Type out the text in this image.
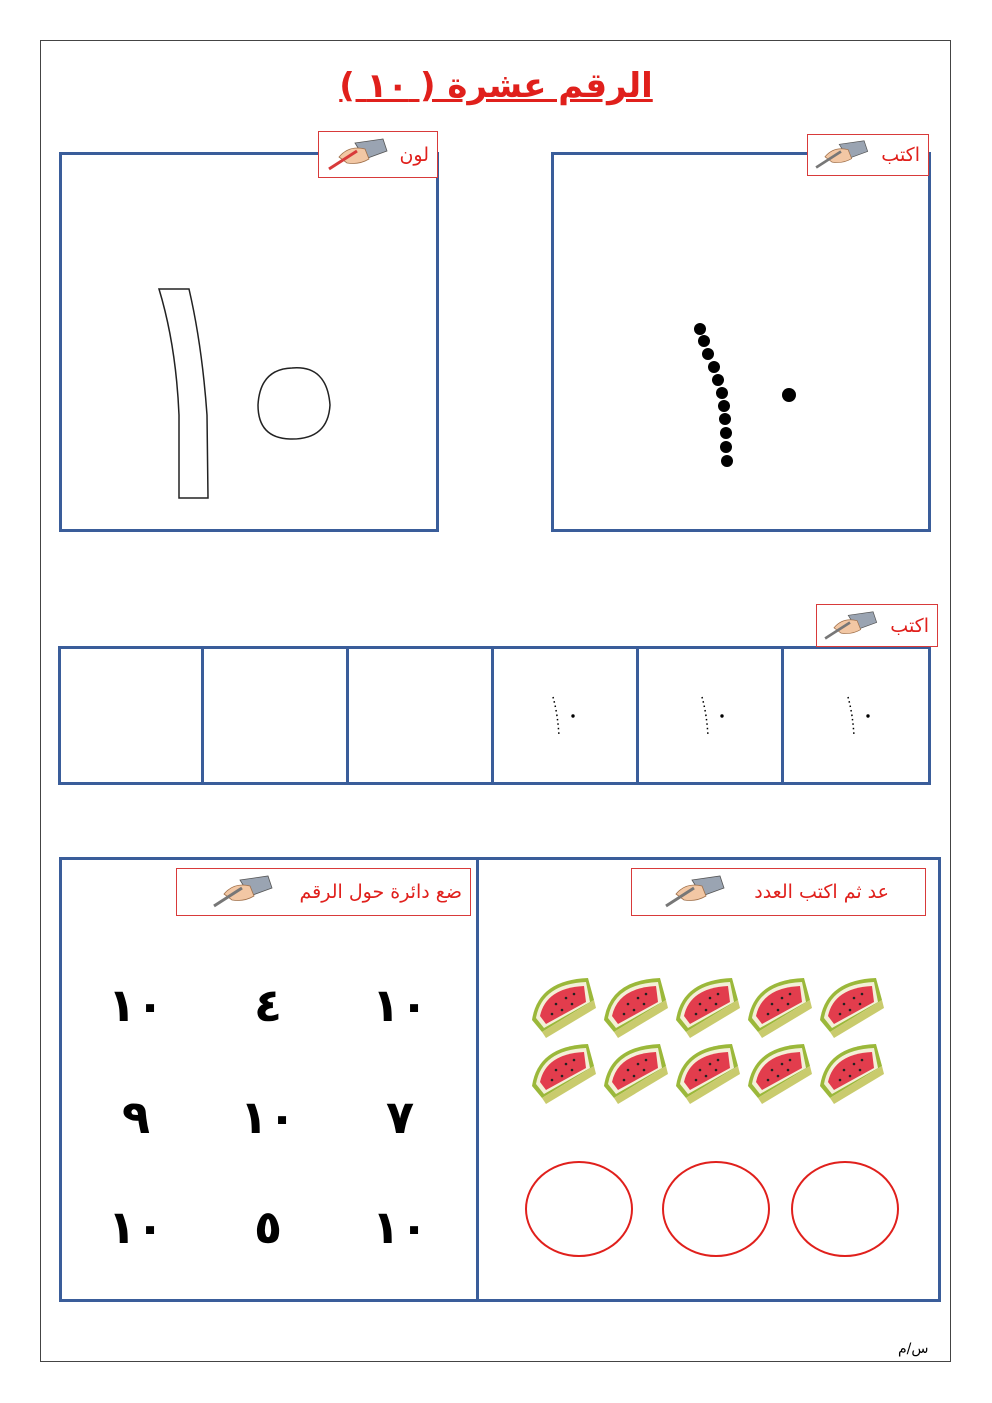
الرقم عشرة ( ١٠ )
لون	اكتب
اكتب
ضع دائرة حول الرقم
١٠	٤	١٠
٩	١٠	٧
١٠	٥	١٠
عد ثم اكتب العدد
س/م
